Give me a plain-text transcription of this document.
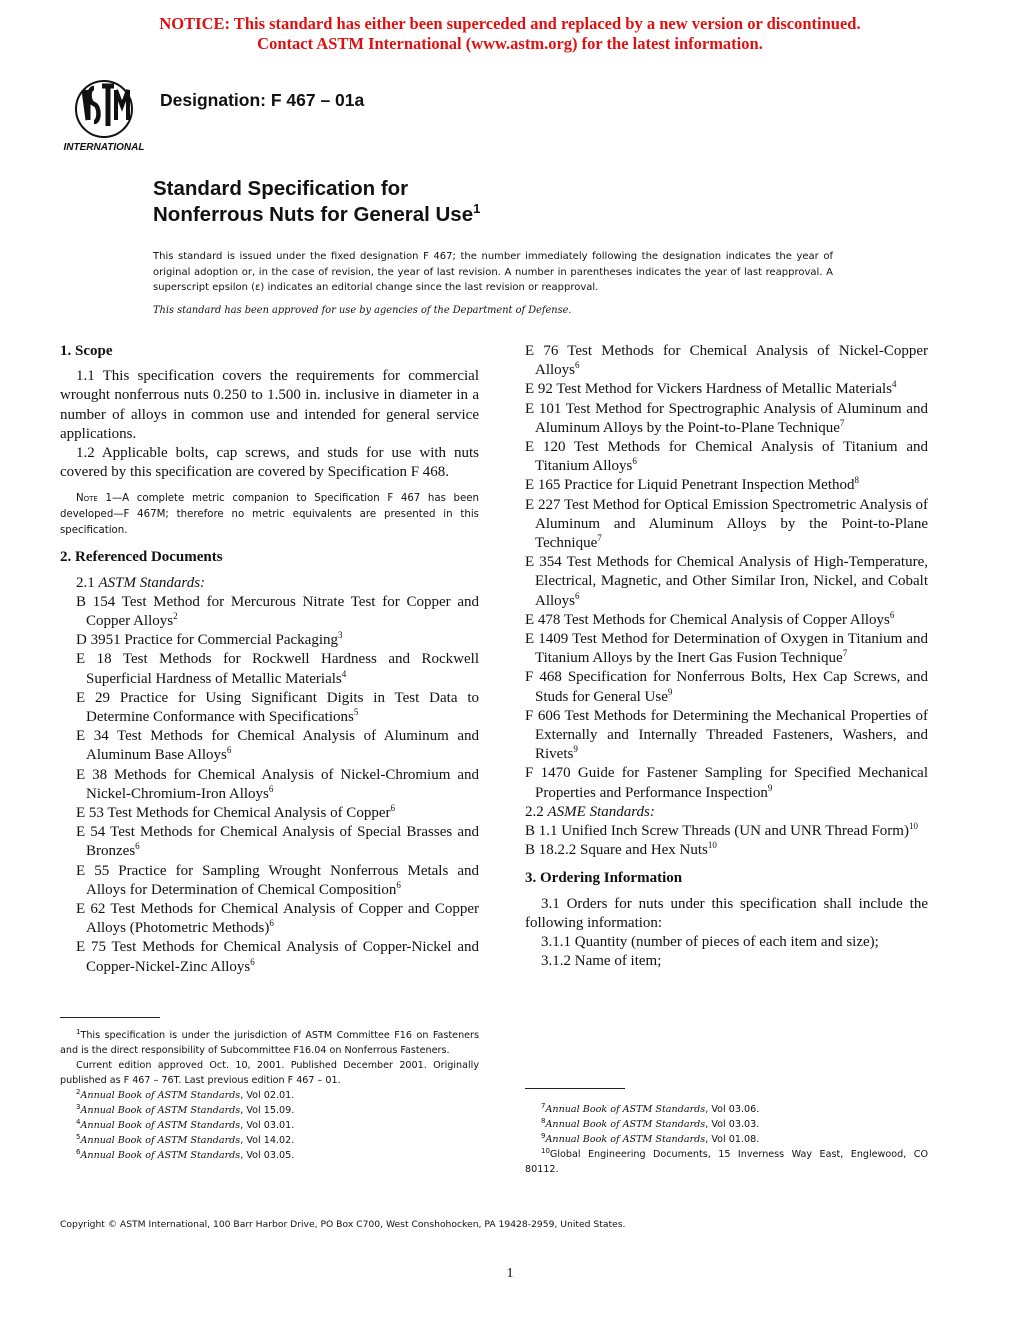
NOTICE: This standard has either been superceded and replaced by a new version or discontinued.
Contact ASTM International (www.astm.org) for the latest information.
INTERNATIONAL
Designation: F 467 – 01a
Standard Specification for
Nonferrous Nuts for General Use$^1$
This standard is issued under the fixed designation F 467; the number immediately following the designation indicates the year of original adoption or, in the case of revision, the year of last revision. A number in parentheses indicates the year of last reapproval. A superscript epsilon (ε) indicates an editorial change since the last revision or reapproval.
This standard has been approved for use by agencies of the Department of Defense.

1. Scope

1.1 This specification covers the requirements for commercial wrought nonferrous nuts 0.250 to 1.500 in. inclusive in diameter in a number of alloys in common use and intended for general service applications.

1.2 Applicable bolts, cap screws, and studs for use with nuts covered by this specification are covered by Specification F 468.

Note 1—A complete metric companion to Specification F 467 has been developed—F 467M; therefore no metric equivalents are presented in this specification.

2. Referenced Documents

2.1 ASTM Standards:

B 154 Test Method for Mercurous Nitrate Test for Copper and Copper Alloys$^2$

D 3951 Practice for Commercial Packaging$^3$

E 18 Test Methods for Rockwell Hardness and Rockwell Superficial Hardness of Metallic Materials$^4$

E 29 Practice for Using Significant Digits in Test Data to Determine Conformance with Specifications$^5$

E 34 Test Methods for Chemical Analysis of Aluminum and Aluminum Base Alloys$^6$

E 38 Methods for Chemical Analysis of Nickel-Chromium and Nickel-Chromium-Iron Alloys$^6$

E 53 Test Methods for Chemical Analysis of Copper$^6$

E 54 Test Methods for Chemical Analysis of Special Brasses and Bronzes$^6$

E 55 Practice for Sampling Wrought Nonferrous Metals and Alloys for Determination of Chemical Composition$^6$

E 62 Test Methods for Chemical Analysis of Copper and Copper Alloys (Photometric Methods)$^6$

E 75 Test Methods for Chemical Analysis of Copper-Nickel and Copper-Nickel-Zinc Alloys$^6$

$^1$This specification is under the jurisdiction of ASTM Committee F16 on Fasteners and is the direct responsibility of Subcommittee F16.04 on Nonferrous Fasteners.

Current edition approved Oct. 10, 2001. Published December 2001. Originally published as F 467 – 76T. Last previous edition F 467 – 01.

$^2$Annual Book of ASTM Standards, Vol 02.01.

$^3$Annual Book of ASTM Standards, Vol 15.09.

$^4$Annual Book of ASTM Standards, Vol 03.01.

$^5$Annual Book of ASTM Standards, Vol 14.02.

$^6$Annual Book of ASTM Standards, Vol 03.05.

E 76 Test Methods for Chemical Analysis of Nickel-Copper Alloys$^6$

E 92 Test Method for Vickers Hardness of Metallic Materials$^4$

E 101 Test Method for Spectrographic Analysis of Aluminum and Aluminum Alloys by the Point-to-Plane Technique$^7$

E 120 Test Methods for Chemical Analysis of Titanium and Titanium Alloys$^6$

E 165 Practice for Liquid Penetrant Inspection Method$^8$

E 227 Test Method for Optical Emission Spectrometric Analysis of Aluminum and Aluminum Alloys by the Point-to-Plane Technique$^7$

E 354 Test Methods for Chemical Analysis of High-Temperature, Electrical, Magnetic, and Other Similar Iron, Nickel, and Cobalt Alloys$^6$

E 478 Test Methods for Chemical Analysis of Copper Alloys$^6$

E 1409 Test Method for Determination of Oxygen in Titanium and Titanium Alloys by the Inert Gas Fusion Technique$^7$

F 468 Specification for Nonferrous Bolts, Hex Cap Screws, and Studs for General Use$^9$

F 606 Test Methods for Determining the Mechanical Properties of Externally and Internally Threaded Fasteners, Washers, and Rivets$^9$

F 1470 Guide for Fastener Sampling for Specified Mechanical Properties and Performance Inspection$^9$

2.2 ASME Standards:

B 1.1 Unified Inch Screw Threads (UN and UNR Thread Form)$^{10}$

B 18.2.2 Square and Hex Nuts$^{10}$

3. Ordering Information

3.1 Orders for nuts under this specification shall include the following information:

3.1.1 Quantity (number of pieces of each item and size);

3.1.2 Name of item;

$^7$Annual Book of ASTM Standards, Vol 03.06.

$^8$Annual Book of ASTM Standards, Vol 03.03.

$^9$Annual Book of ASTM Standards, Vol 01.08.

$^{10}$Global Engineering Documents, 15 Inverness Way East, Englewood, CO 80112.

Copyright © ASTM International, 100 Barr Harbor Drive, PO Box C700, West Conshohocken, PA 19428-2959, United States.
1
